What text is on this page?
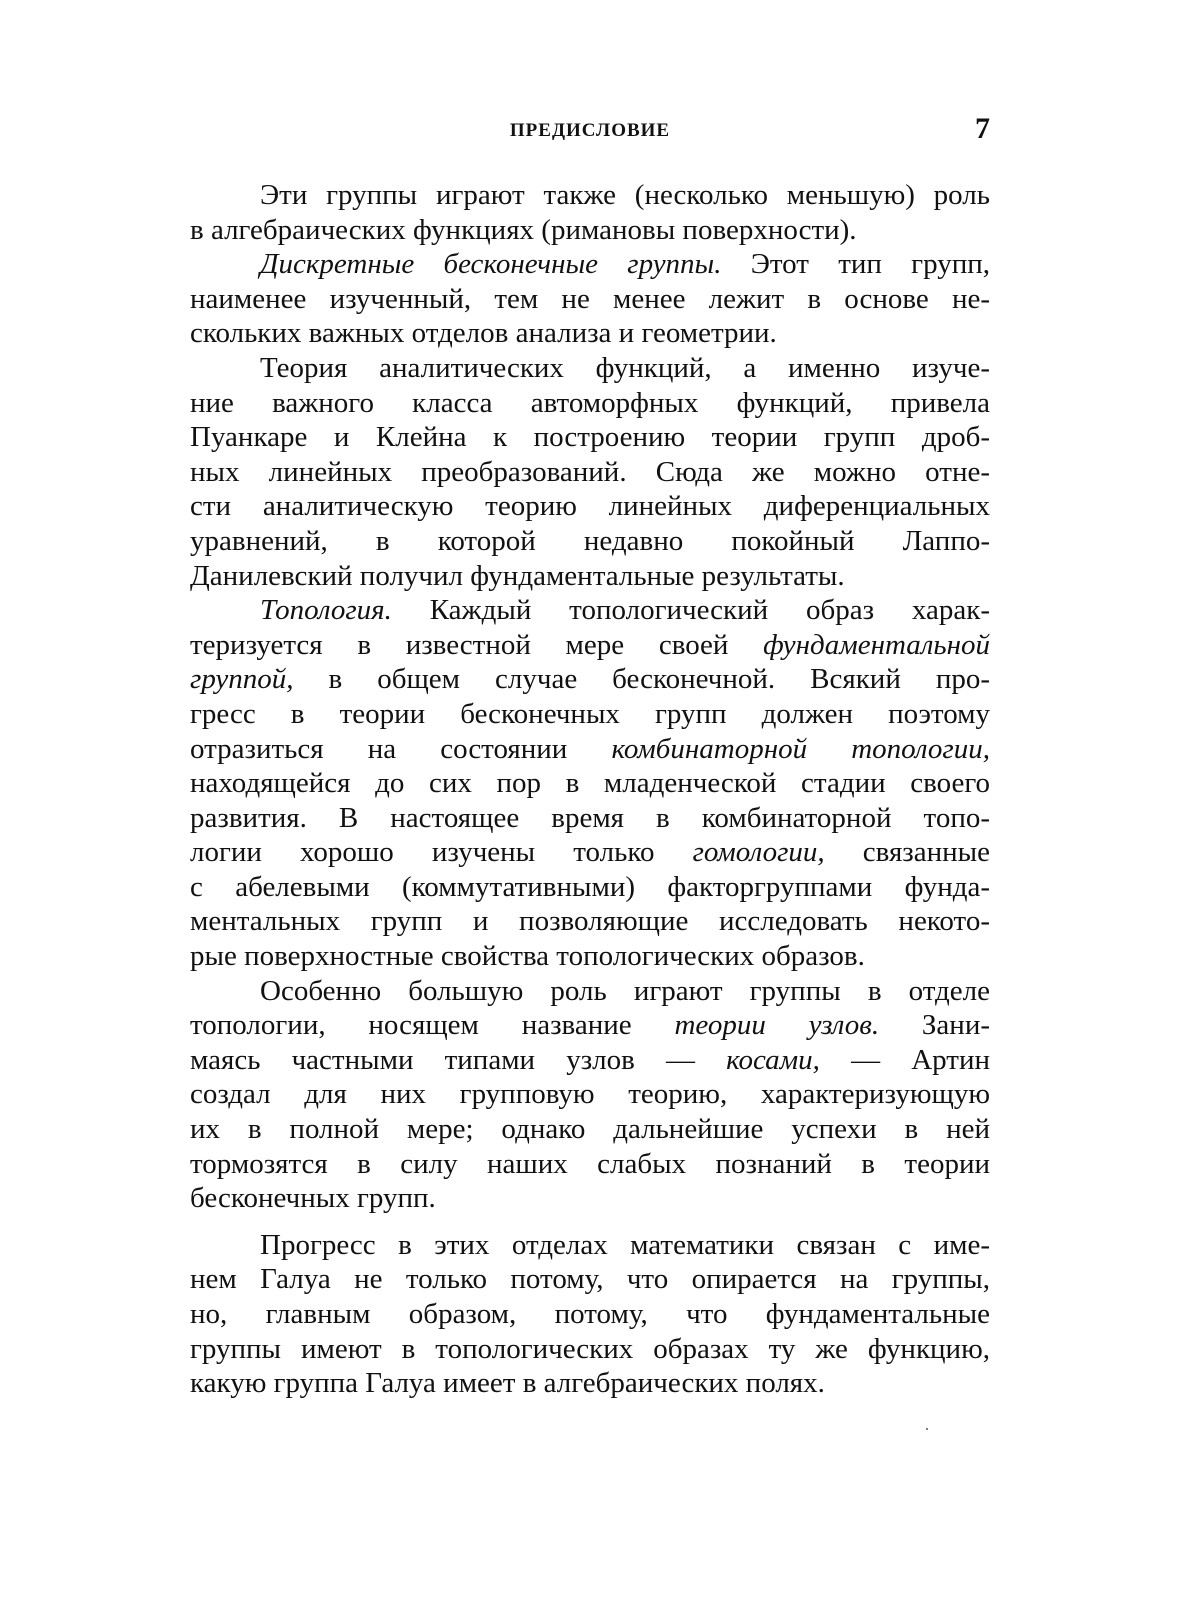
ПРЕДИСЛОВИЕ	7
Эти группы играют также (несколько меньшую) роль
в алгебраических функциях (римановы поверхности).
Дискретные бесконечные группы. Этот тип групп,
наименее изученный, тем не менее лежит в основе не-
скольких важных отделов анализа и геометрии.
Теория аналитических функций, а именно изуче-
ние важного класса автоморфных функций, привела
Пуанкаре и Клейна к построению теории групп дроб-
ных линейных преобразований. Сюда же можно отне-
сти аналитическую теорию линейных диференциальных
уравнений, в которой недавно покойный Лаппо-
Данилевский получил фундаментальные результаты.
Топология. Каждый топологический образ харак-
теризуется в известной мере своей фундаментальной
группой, в общем случае бесконечной. Всякий про-
гресс в теории бесконечных групп должен поэтому
отразиться на состоянии комбинаторной топологии,
находящейся до сих пор в младенческой стадии своего
развития. В настоящее время в комбинаторной топо-
логии хорошо изучены только гомологии, связанные
с абелевыми (коммутативными) факторгруппами фунда-
ментальных групп и позволяющие исследовать некото-
рые поверхностные свойства топологических образов.
Особенно большую роль играют группы в отделе
топологии, носящем название теории узлов. Зани-
маясь частными типами узлов — косами, — Артин
создал для них групповую теорию, характеризующую
их в полной мере; однако дальнейшие успехи в ней
тормозятся в силу наших слабых познаний в теории
бесконечных групп.
Прогресс в этих отделах математики связан с име-
нем Галуа не только потому, что опирается на группы,
но, главным образом, потому, что фундаментальные
группы имеют в топологических образах ту же функцию,
какую группа Галуа имеет в алгебраических полях.
